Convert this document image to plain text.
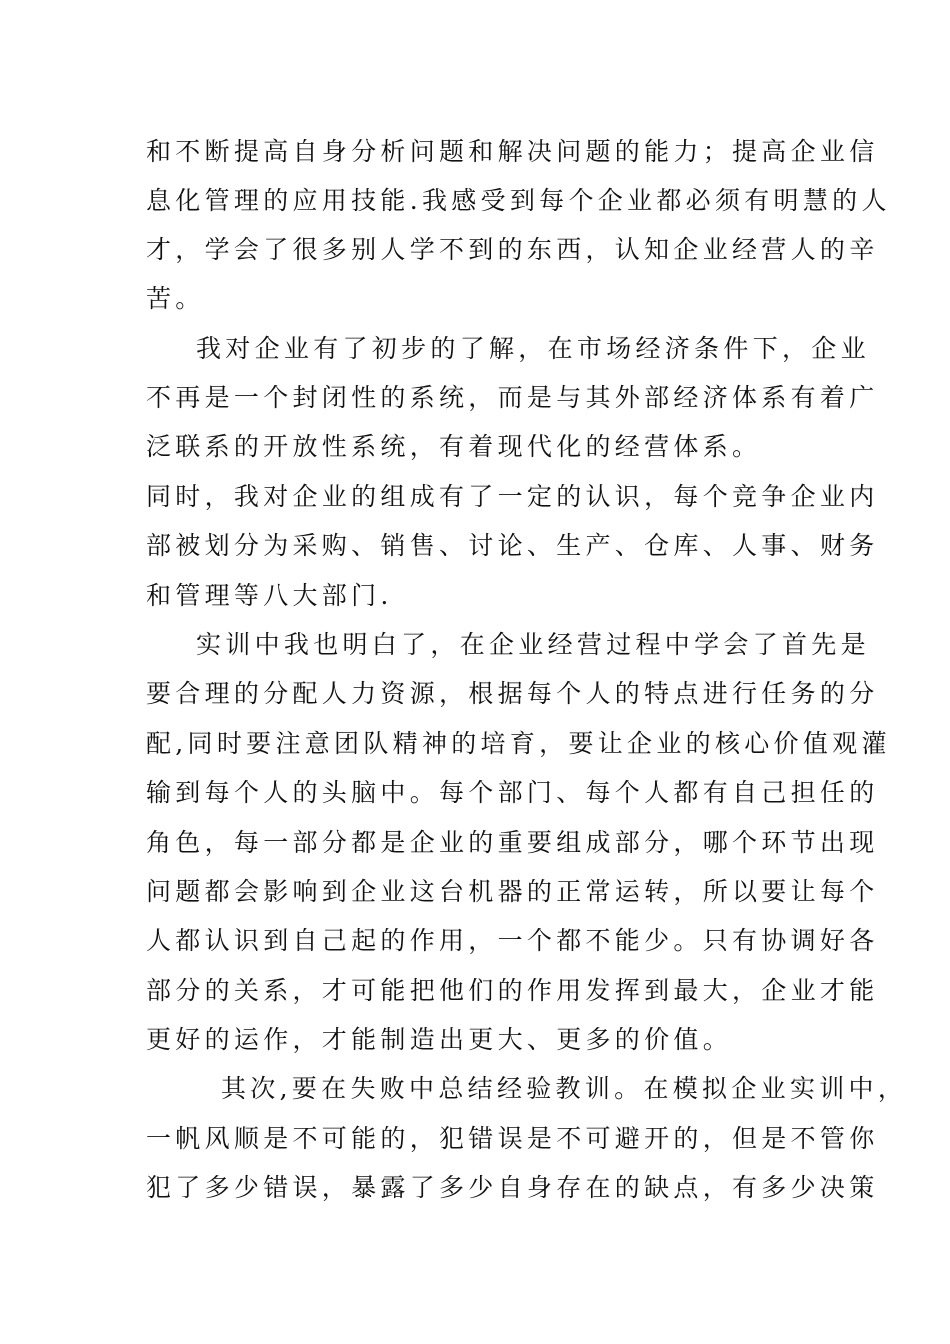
和不断提高自身分析问题和解决问题的能力；提高企业信
息化管理的应用技能.我感受到每个企业都必须有明慧的人
才，学会了很多别人学不到的东西，认知企业经营人的辛
苦。
我对企业有了初步的了解，在市场经济条件下，企业
不再是一个封闭性的系统，而是与其外部经济体系有着广
泛联系的开放性系统，有着现代化的经营体系。
同时，我对企业的组成有了一定的认识，每个竞争企业内
部被划分为采购、销售、讨论、生产、仓库、人事、财务
和管理等八大部门.
实训中我也明白了，在企业经营过程中学会了首先是
要合理的分配人力资源，根据每个人的特点进行任务的分
配,同时要注意团队精神的培育，要让企业的核心价值观灌
输到每个人的头脑中。每个部门、每个人都有自己担任的
角色，每一部分都是企业的重要组成部分，哪个环节出现
问题都会影响到企业这台机器的正常运转，所以要让每个
人都认识到自己起的作用，一个都不能少。只有协调好各
部分的关系，才可能把他们的作用发挥到最大，企业才能
更好的运作，才能制造出更大、更多的价值。
其次,要在失败中总结经验教训。在模拟企业实训中，
一帆风顺是不可能的，犯错误是不可避开的，但是不管你
犯了多少错误，暴露了多少自身存在的缺点，有多少决策
